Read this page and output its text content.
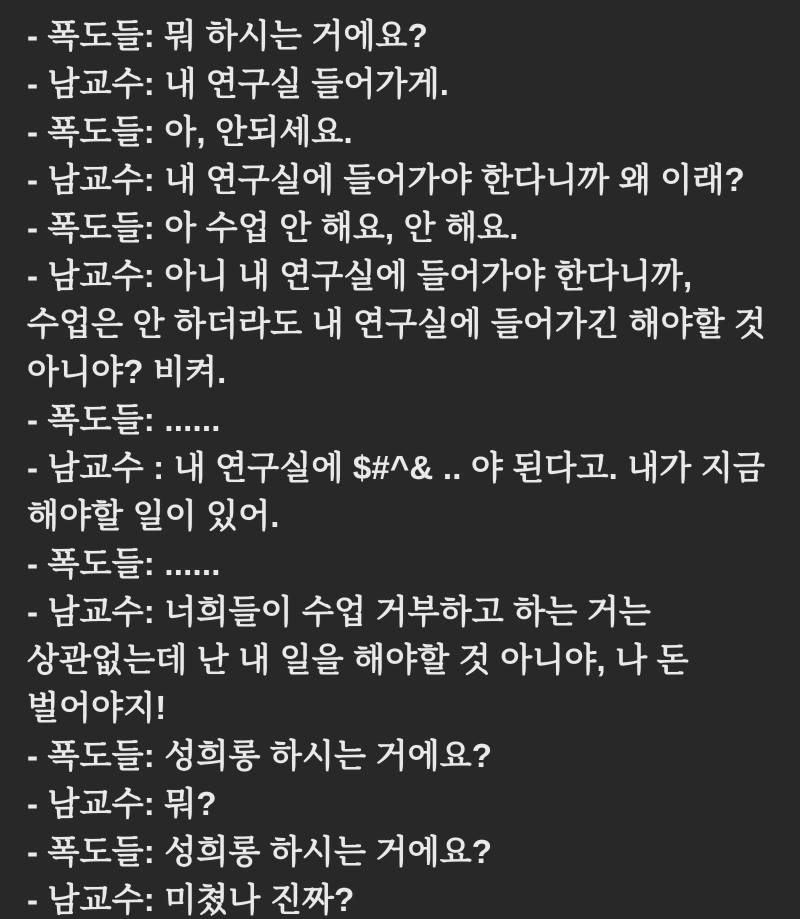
- 폭도들: 뭐 하시는 거에요?
- 남교수: 내 연구실 들어가게.
- 폭도들: 아, 안되세요.
- 남교수: 내 연구실에 들어가야 한다니까 왜 이래?
- 폭도들: 아 수업 안 해요, 안 해요.
- 남교수: 아니 내 연구실에 들어가야 한다니까,
수업은 안 하더라도 내 연구실에 들어가긴 해야할 것
아니야? 비켜.
- 폭도들: ......
- 남교수 : 내 연구실에 $#^& .. 야 된다고. 내가 지금
해야할 일이 있어.
- 폭도들: ......
- 남교수: 너희들이 수업 거부하고 하는 거는
상관없는데 난 내 일을 해야할 것 아니야, 나 돈
벌어야지!
- 폭도들: 성희롱 하시는 거에요?
- 남교수: 뭐?
- 폭도들: 성희롱 하시는 거에요?
- 남교수: 미쳤나 진짜?
